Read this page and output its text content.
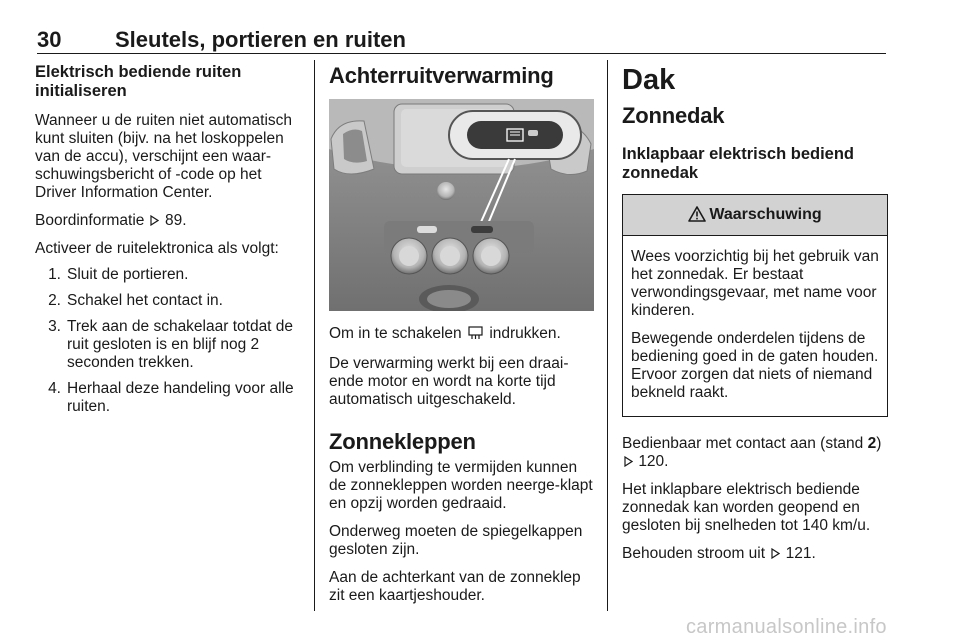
30 Sleutels, portieren en ruiten
Elektrisch bediende ruiten initialiseren

Wanneer u de ruiten niet automatisch kunt sluiten (bijv. na het loskoppelen van de accu), verschijnt een waar-schuwingsbericht of -code op het Driver Information Center.

Boordinformatie 89.

Activeer de ruitelektronica als volgt:

1. Sluit de portieren.
2. Schakel het contact in.
3. Trek aan de schakelaar totdat de ruit gesloten is en blijf nog 2 seconden trekken.
4. Herhaal deze handeling voor alle ruiten.
Achterruitverwarming

Om in te schakelen indrukken.

De verwarming werkt bij een draai-ende motor en wordt na korte tijd automatisch uitgeschakeld.

Zonnekleppen

Om verblinding te vermijden kunnen de zonnekleppen worden neerge-klapt en opzij worden gedraaid.

Onderweg moeten de spiegelkappen gesloten zijn.

Aan de achterkant van de zonneklep zit een kaartjeshouder.

Dak
Zonnedak
Inklapbaar elektrisch bediend zonnedak
Waarschuwing

Wees voorzichtig bij het gebruik van het zonnedak. Er bestaat verwondingsgevaar, met name voor kinderen.

Bewegende onderdelen tijdens de bediening goed in de gaten houden. Ervoor zorgen dat niets of niemand bekneld raakt.

Bedienbaar met contact aan (stand 2)  120.

Het inklapbare elektrisch bediende zonnedak kan worden geopend en gesloten bij snelheden tot 140 km/u.

Behouden stroom uit 121.

carmanualsonline.info
